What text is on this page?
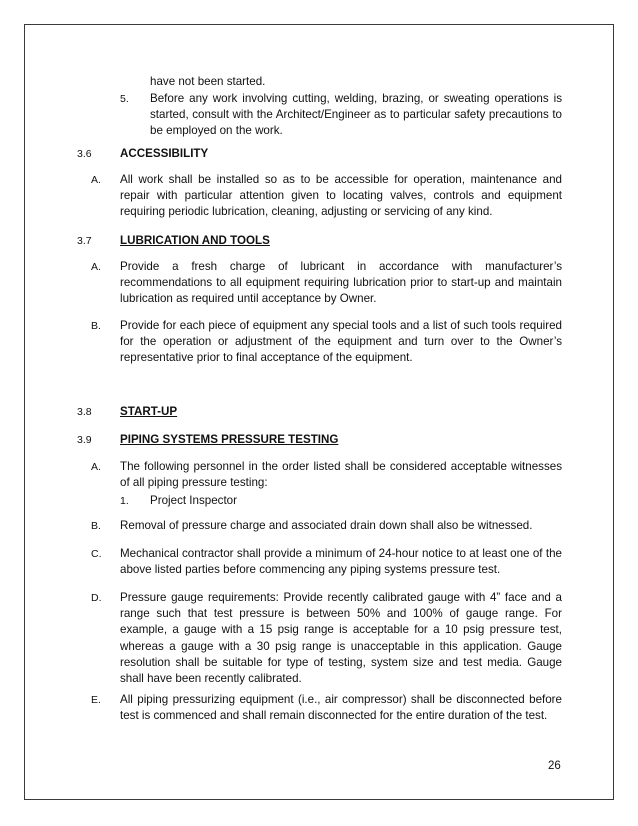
have not been started.
5. Before any work involving cutting, welding, brazing, or sweating operations is started, consult with the Architect/Engineer as to particular safety precautions to be employed on the work.
3.6 ACCESSIBILITY
A. All work shall be installed so as to be accessible for operation, maintenance and repair with particular attention given to locating valves, controls and equipment requiring periodic lubrication, cleaning, adjusting or servicing of any kind.
3.7 LUBRICATION AND TOOLS
A. Provide a fresh charge of lubricant in accordance with manufacturer’s recommendations to all equipment requiring lubrication prior to start-up and maintain lubrication as required until acceptance by Owner.
B. Provide for each piece of equipment any special tools and a list of such tools required for the operation or adjustment of the equipment and turn over to the Owner’s representative prior to final acceptance of the equipment.
3.8 START-UP
3.9 PIPING SYSTEMS PRESSURE TESTING
A. The following personnel in the order listed shall be considered acceptable witnesses of all piping pressure testing:
1. Project Inspector
B. Removal of pressure charge and associated drain down shall also be witnessed.
C. Mechanical contractor shall provide a minimum of 24-hour notice to at least one of the above listed parties before commencing any piping systems pressure test.
D. Pressure gauge requirements: Provide recently calibrated gauge with 4” face and a range such that test pressure is between 50% and 100% of gauge range. For example, a gauge with a 15 psig range is acceptable for a 10 psig pressure test, whereas a gauge with a 30 psig range is unacceptable in this application. Gauge resolution shall be suitable for type of testing, system size and test media. Gauge shall have been recently calibrated.
E. All piping pressurizing equipment (i.e., air compressor) shall be disconnected before test is commenced and shall remain disconnected for the entire duration of the test.
26
